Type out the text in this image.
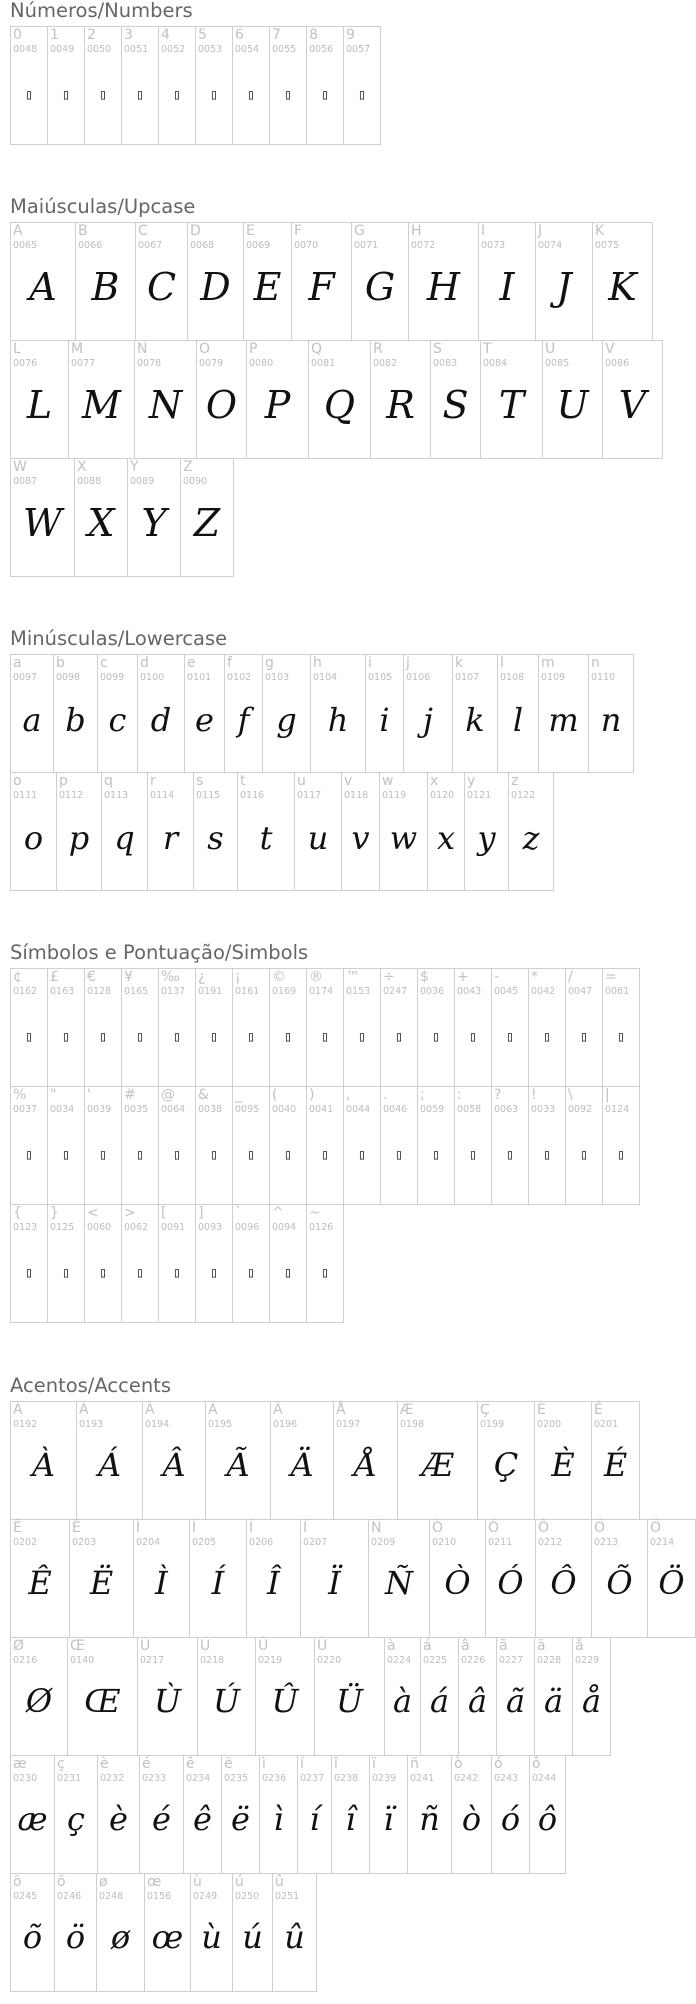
Números/Numbers
0
0048
▯
1
0049
▯
2
0050
▯
3
0051
▯
4
0052
▯
5
0053
▯
6
0054
▯
7
0055
▯
8
0056
▯
9
0057
▯
Maiúsculas/Upcase
A
0065
A
B
0066
B
C
0067
C
D
0068
D
E
0069
E
F
0070
F
G
0071
G
H
0072
H
I
0073
I
J
0074
J
K
0075
K
L
0076
L
M
0077
M
N
0078
N
O
0079
O
P
0080
P
Q
0081
Q
R
0082
R
S
0083
S
T
0084
T
U
0085
U
V
0086
V
W
0087
W
X
0088
X
Y
0089
Y
Z
0090
Z
Minúsculas/Lowercase
a
0097
a
b
0098
b
c
0099
c
d
0100
d
e
0101
e
f
0102
f
g
0103
g
h
0104
h
i
0105
i
j
0106
j
k
0107
k
l
0108
l
m
0109
m
n
0110
n
o
0111
o
p
0112
p
q
0113
q
r
0114
r
s
0115
s
t
0116
t
u
0117
u
v
0118
v
w
0119
w
x
0120
x
y
0121
y
z
0122
z
Símbolos e Pontuação/Simbols
¢
0162
▯
£
0163
▯
€
0128
▯
¥
0165
▯
‰
0137
▯
¿
0191
▯
¡
0161
▯
©
0169
▯
®
0174
▯
™
0153
▯
÷
0247
▯
$
0036
▯
+
0043
▯
-
0045
▯
*
0042
▯
/
0047
▯
=
0061
▯
%
0037
▯
"
0034
▯
'
0039
▯
#
0035
▯
@
0064
▯
&
0038
▯
_
0095
▯
(
0040
▯
)
0041
▯
,
0044
▯
.
0046
▯
;
0059
▯
:
0058
▯
?
0063
▯
!
0033
▯
\
0092
▯
|
0124
▯
{
0123
▯
}
0125
▯
<
0060
▯
>
0062
▯
[
0091
▯
]
0093
▯
`
0096
▯
^
0094
▯
~
0126
▯
Acentos/Accents
À
0192
À
Á
0193
Á
Â
0194
Â
Ã
0195
Ã
Ä
0196
Ä
Å
0197
Å
Æ
0198
Æ
Ç
0199
Ç
È
0200
È
É
0201
É
Ê
0202
Ê
Ë
0203
Ë
Ì
0204
Ì
Í
0205
Í
Î
0206
Î
Ï
0207
Ï
Ñ
0209
Ñ
Ò
0210
Ò
Ó
0211
Ó
Ô
0212
Ô
Ö
0213
Õ
Ö
0214
Ö
Ø
0216
Ø
Œ
0140
Œ
Ù
0217
Ù
Ú
0218
Ú
Û
0219
Û
Ü
0220
Ü
à
0224
à
á
0225
á
â
0226
â
ã
0227
ã
ä
0228
ä
å
0229
å
æ
0230
æ
ç
0231
ç
è
0232
è
é
0233
é
ê
0234
ê
ë
0235
ë
ì
0236
ì
í
0237
í
î
0238
î
ï
0239
ï
ñ
0241
ñ
ò
0242
ò
ó
0243
ó
ô
0244
ô
õ
0245
õ
ö
0246
ö
ø
0248
ø
œ
0156
œ
ù
0249
ù
ú
0250
ú
û
0251
û
